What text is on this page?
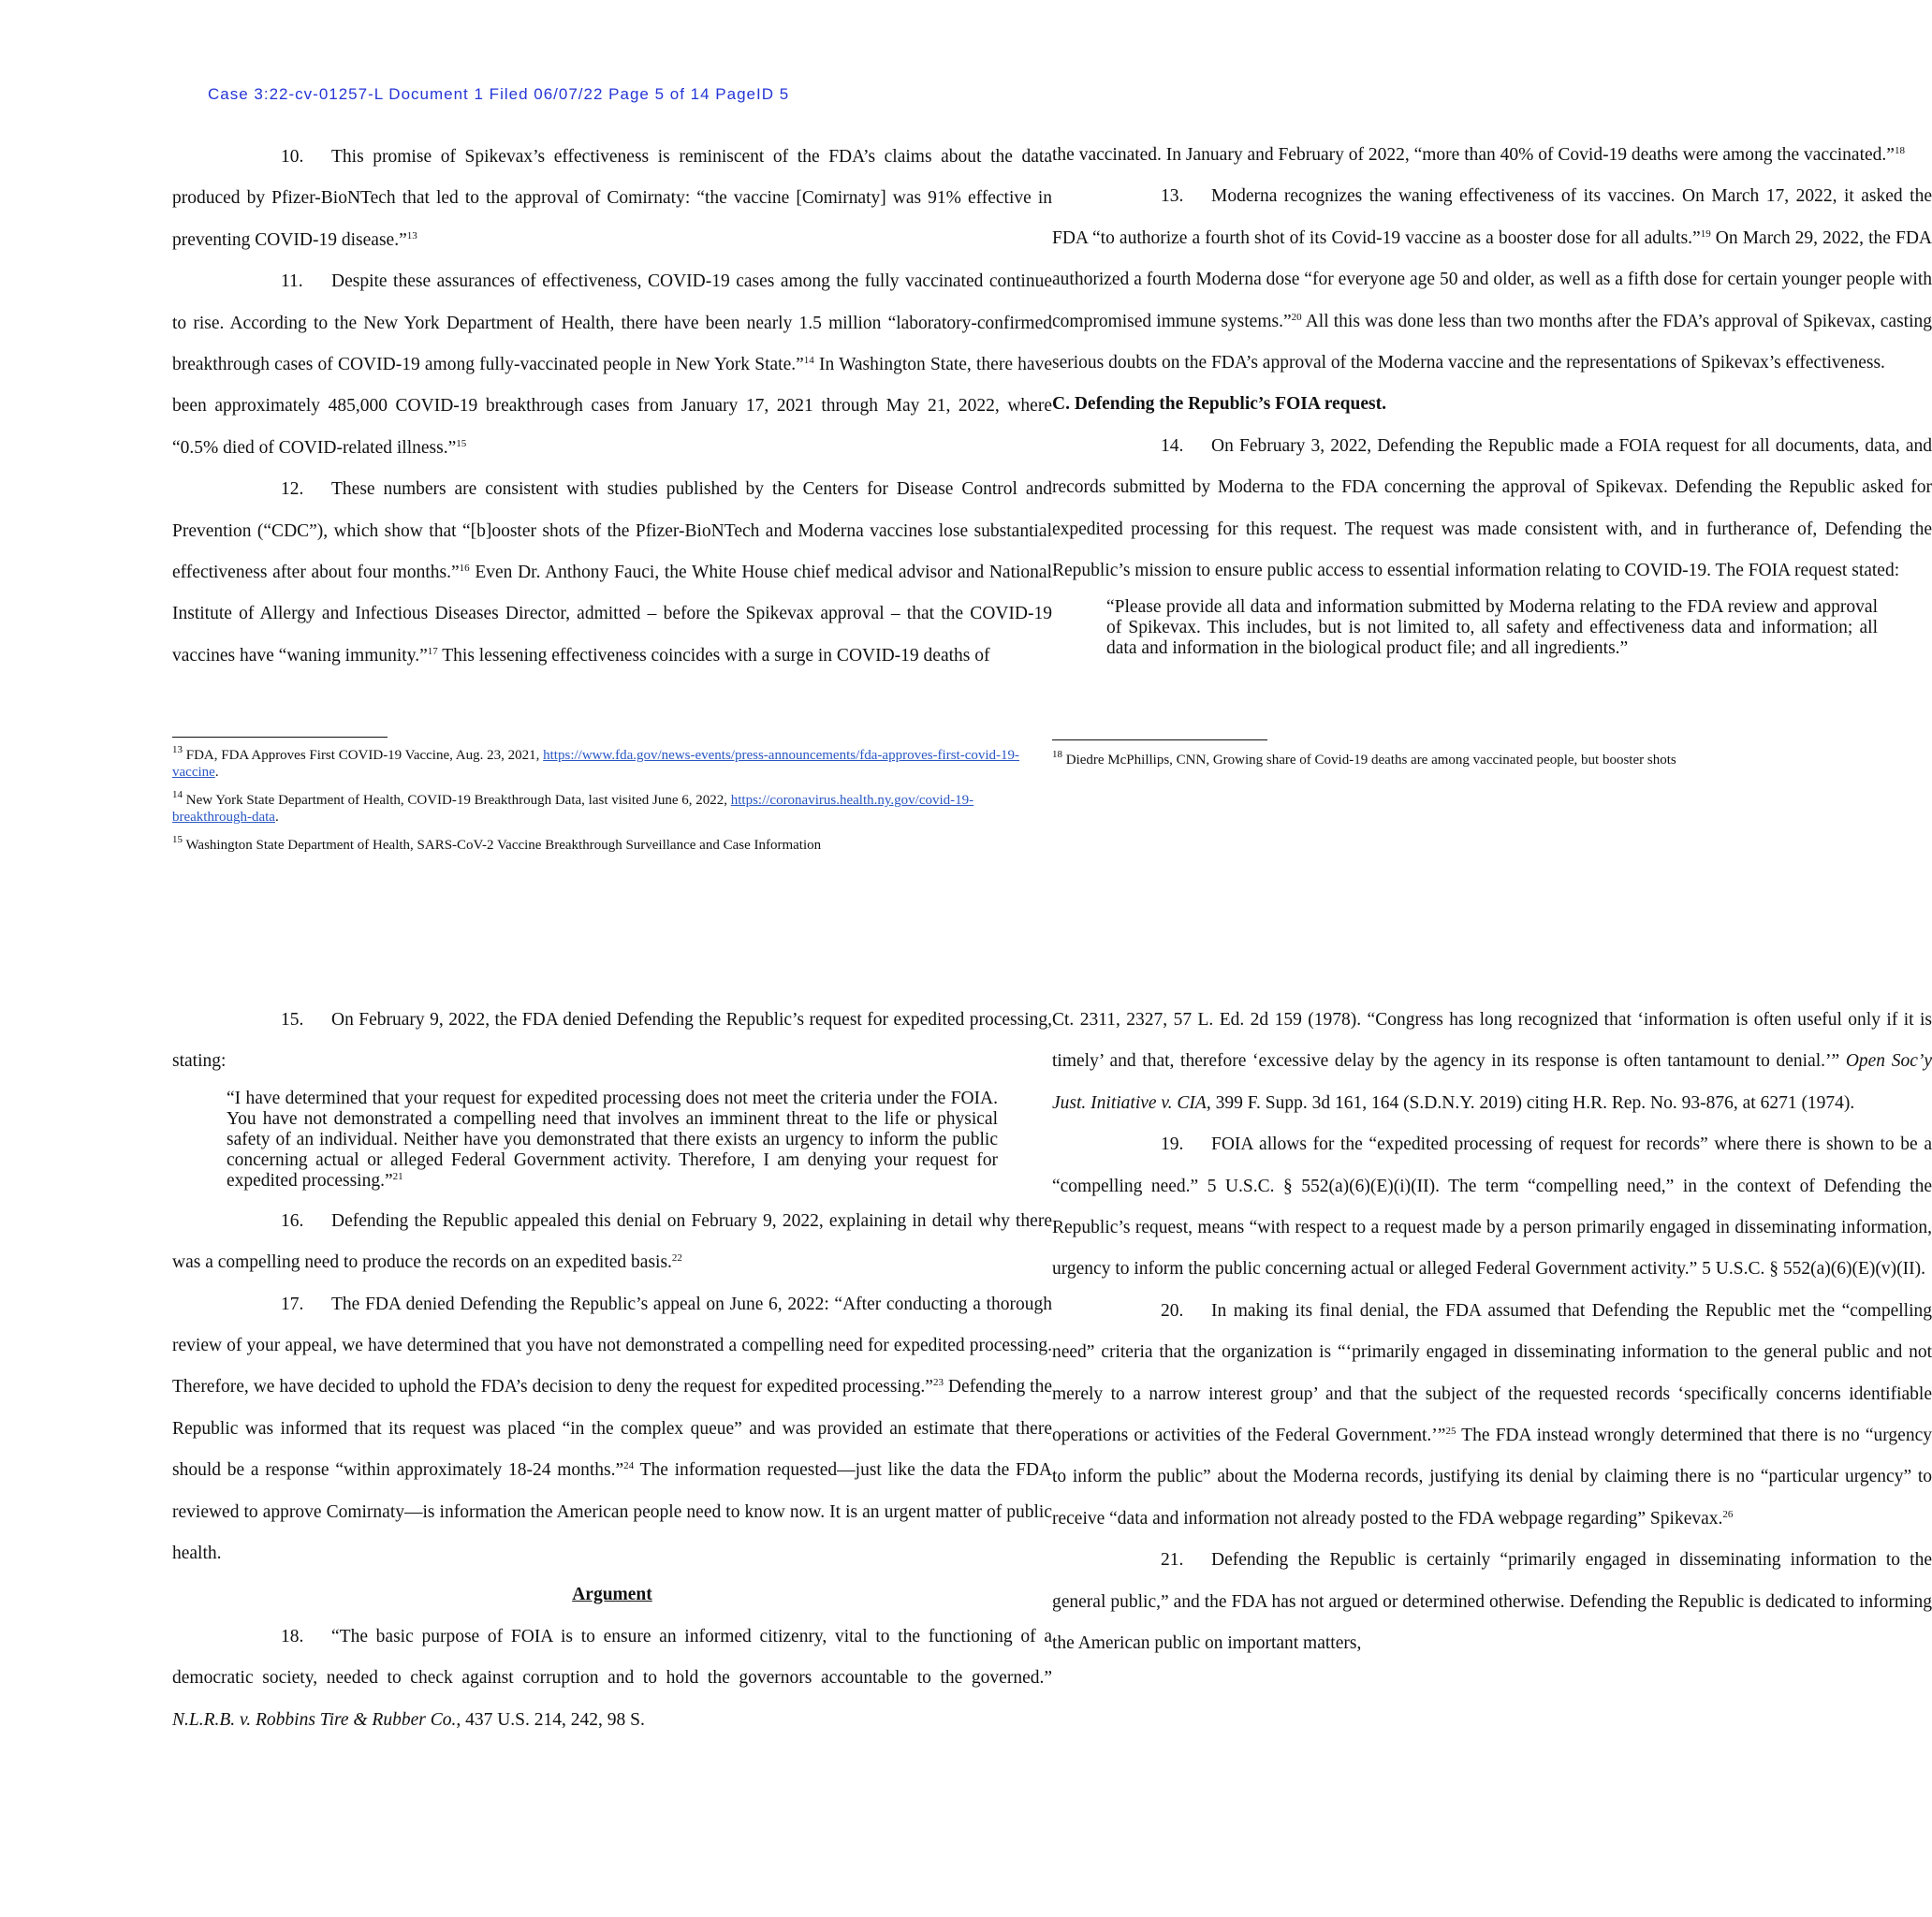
Case 3:22-cv-01257-L Document 1 Filed 06/07/22 Page 5 of 14 PageID 5

10. This promise of Spikevax’s effectiveness is reminiscent of the FDA’s claims about the data produced by Pfizer-BioNTech that led to the approval of Comirnaty: “the vaccine [Comirnaty] was 91% effective in preventing COVID-19 disease.”$^{13}$

11. Despite these assurances of effectiveness, COVID-19 cases among the fully vaccinated continue to rise. According to the New York Department of Health, there have been nearly 1.5 million “laboratory-confirmed breakthrough cases of COVID-19 among fully-vaccinated people in New York State.”$^{14}$ In Washington State, there have been approximately 485,000 COVID-19 breakthrough cases from January 17, 2021 through May 21, 2022, where “0.5% died of COVID-related illness.”$^{15}$

12. These numbers are consistent with studies published by the Centers for Disease Control and Prevention (“CDC”), which show that “[b]ooster shots of the Pfizer-BioNTech and Moderna vaccines lose substantial effectiveness after about four months.”$^{16}$ Even Dr. Anthony Fauci, the White House chief medical advisor and National Institute of Allergy and Infectious Diseases Director, admitted – before the Spikevax approval – that the COVID-19 vaccines have “waning immunity.”$^{17}$ This lessening effectiveness coincides with a surge in COVID-19 deaths of

$^{13}$ FDA, FDA Approves First COVID-19 Vaccine, Aug. 23, 2021, https://www.fda.gov/news-events/press-announcements/fda-approves-first-covid-19-vaccine.

$^{14}$ New York State Department of Health, COVID-19 Breakthrough Data, last visited June 6, 2022, https://coronavirus.health.ny.gov/covid-19-breakthrough-data.

$^{15}$ Washington State Department of Health, SARS-CoV-2 Vaccine Breakthrough Surveillance and Case Information

the vaccinated. In January and February of 2022, “more than 40% of Covid-19 deaths were among the vaccinated.”$^{18}$

13. Moderna recognizes the waning effectiveness of its vaccines. On March 17, 2022, it asked the FDA “to authorize a fourth shot of its Covid-19 vaccine as a booster dose for all adults.”$^{19}$ On March 29, 2022, the FDA authorized a fourth Moderna dose “for everyone age 50 and older, as well as a fifth dose for certain younger people with compromised immune systems.”$^{20}$ All this was done less than two months after the FDA’s approval of Spikevax, casting serious doubts on the FDA’s approval of the Moderna vaccine and the representations of Spikevax’s effectiveness.

C. Defending the Republic’s FOIA request.

14. On February 3, 2022, Defending the Republic made a FOIA request for all documents, data, and records submitted by Moderna to the FDA concerning the approval of Spikevax. Defending the Republic asked for expedited processing for this request. The request was made consistent with, and in furtherance of, Defending the Republic’s mission to ensure public access to essential information relating to COVID-19. The FOIA request stated:

“Please provide all data and information submitted by Moderna relating to the FDA review and approval of Spikevax. This includes, but is not limited to, all safety and effectiveness data and information; all data and information in the biological product file; and all ingredients.”

$^{18}$ Diedre McPhillips, CNN, Growing share of Covid-19 deaths are among vaccinated people, but booster shots

15. On February 9, 2022, the FDA denied Defending the Republic’s request for expedited processing, stating:

“I have determined that your request for expedited processing does not meet the criteria under the FOIA. You have not demonstrated a compelling need that involves an imminent threat to the life or physical safety of an individual. Neither have you demonstrated that there exists an urgency to inform the public concerning actual or alleged Federal Government activity. Therefore, I am denying your request for expedited processing.”$^{21}$

16. Defending the Republic appealed this denial on February 9, 2022, explaining in detail why there was a compelling need to produce the records on an expedited basis.$^{22}$

17. The FDA denied Defending the Republic’s appeal on June 6, 2022: “After conducting a thorough review of your appeal, we have determined that you have not demonstrated a compelling need for expedited processing. Therefore, we have decided to uphold the FDA’s decision to deny the request for expedited processing.”$^{23}$ Defending the Republic was informed that its request was placed “in the complex queue” and was provided an estimate that there should be a response “within approximately 18-24 months.”$^{24}$ The information requested—just like the data the FDA reviewed to approve Comirnaty—is information the American people need to know now. It is an urgent matter of public health.

Argument

18. “The basic purpose of FOIA is to ensure an informed citizenry, vital to the functioning of a democratic society, needed to check against corruption and to hold the governors accountable to the governed.” N.L.R.B. v. Robbins Tire & Rubber Co., 437 U.S. 214, 242, 98 S.

Ct. 2311, 2327, 57 L. Ed. 2d 159 (1978). “Congress has long recognized that ‘information is often useful only if it is timely’ and that, therefore ‘excessive delay by the agency in its response is often tantamount to denial.’” Open Soc’y Just. Initiative v. CIA, 399 F. Supp. 3d 161, 164 (S.D.N.Y. 2019) citing H.R. Rep. No. 93-876, at 6271 (1974).

19. FOIA allows for the “expedited processing of request for records” where there is shown to be a “compelling need.” 5 U.S.C. § 552(a)(6)(E)(i)(II). The term “compelling need,” in the context of Defending the Republic’s request, means “with respect to a request made by a person primarily engaged in disseminating information, urgency to inform the public concerning actual or alleged Federal Government activity.” 5 U.S.C. § 552(a)(6)(E)(v)(II).

20. In making its final denial, the FDA assumed that Defending the Republic met the “compelling need” criteria that the organization is “‘primarily engaged in disseminating information to the general public and not merely to a narrow interest group’ and that the subject of the requested records ‘specifically concerns identifiable operations or activities of the Federal Government.’”$^{25}$ The FDA instead wrongly determined that there is no “urgency to inform the public” about the Moderna records, justifying its denial by claiming there is no “particular urgency” to receive “data and information not already posted to the FDA webpage regarding” Spikevax.$^{26}$

21. Defending the Republic is certainly “primarily engaged in disseminating information to the general public,” and the FDA has not argued or determined otherwise. Defending the Republic is dedicated to informing the American public on important matters,
